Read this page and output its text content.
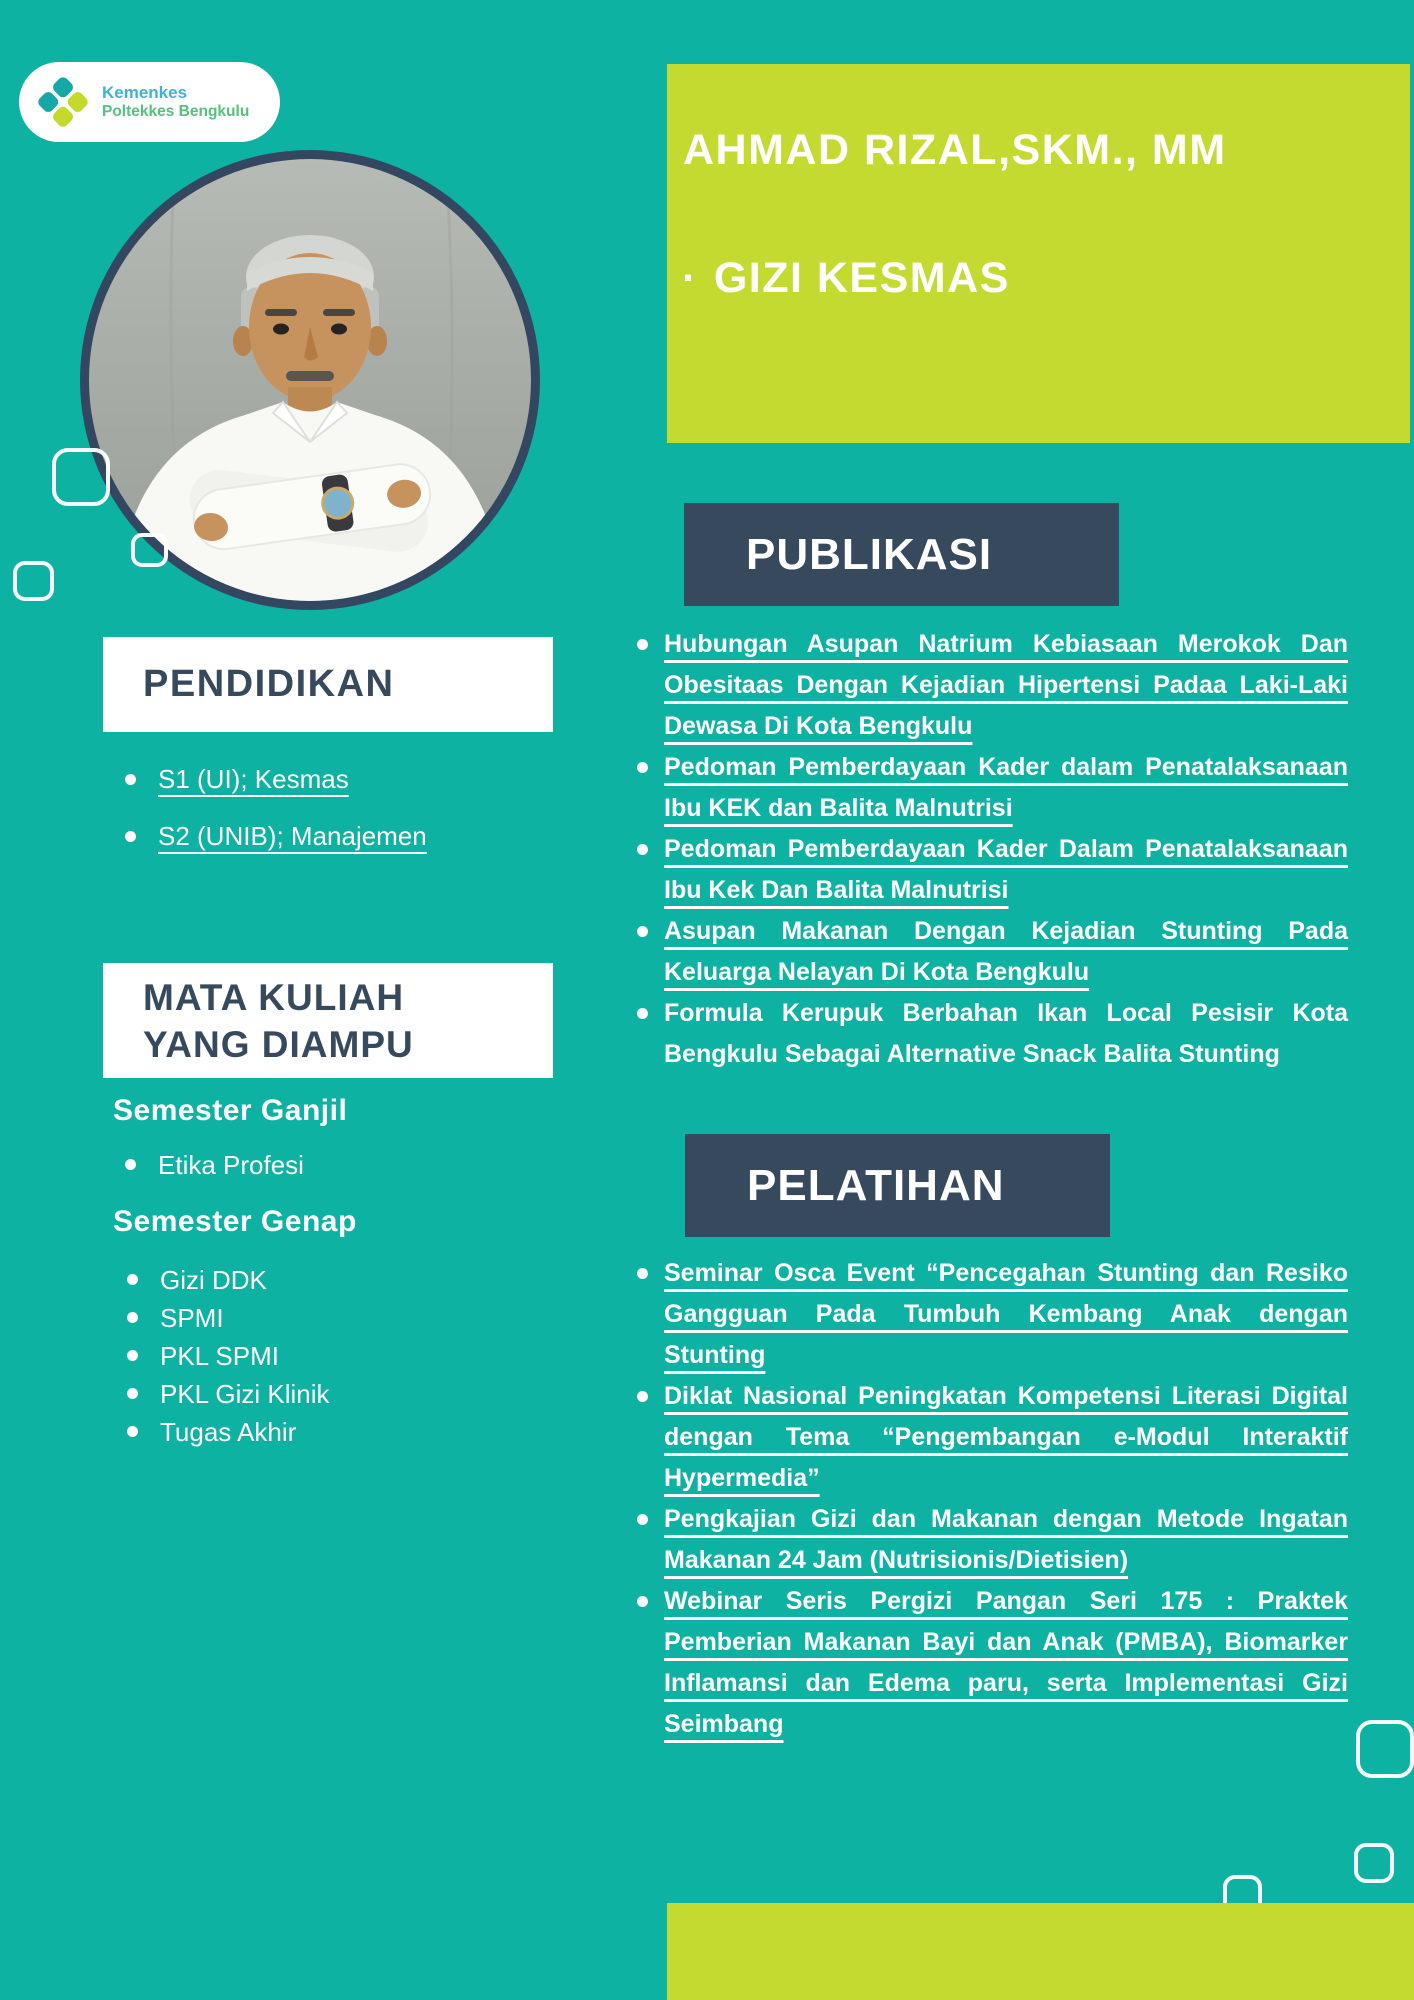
AHMAD RIZAL,SKM., MM
· GIZI KESMAS
Kemenkes
Poltekkes Bengkulu
PENDIDIKAN
S1 (UI); Kesmas
S2 (UNIB); Manajemen
MATA KULIAH
YANG DIAMPU
Semester Ganjil
Etika Profesi
Semester Genap
Gizi DDK
SPMI
PKL SPMI
PKL Gizi Klinik
Tugas Akhir
PUBLIKASI
Hubungan Asupan Natrium Kebiasaan Merokok Dan Obesitaas Dengan Kejadian Hipertensi Padaa Laki-Laki Dewasa Di Kota Bengkulu
Pedoman Pemberdayaan Kader dalam Penatalaksanaan Ibu KEK dan Balita Malnutrisi
Pedoman Pemberdayaan Kader Dalam Penatalaksanaan Ibu Kek Dan Balita Malnutrisi
Asupan Makanan Dengan Kejadian Stunting Pada Keluarga Nelayan Di Kota Bengkulu
Formula Kerupuk Berbahan Ikan Local Pesisir Kota Bengkulu Sebagai Alternative Snack Balita Stunting
PELATIHAN
Seminar Osca Event “Pencegahan Stunting dan Resiko Gangguan Pada Tumbuh Kembang Anak dengan Stunting
Diklat Nasional Peningkatan Kompetensi Literasi Digital dengan Tema “Pengembangan e-Modul Interaktif Hypermedia”
Pengkajian Gizi dan Makanan dengan Metode Ingatan Makanan 24 Jam (Nutrisionis/Dietisien)
Webinar Seris Pergizi Pangan Seri 175 : Praktek Pemberian Makanan Bayi dan Anak (PMBA), Biomarker Inflamansi dan Edema paru, serta Implementasi Gizi Seimbang
